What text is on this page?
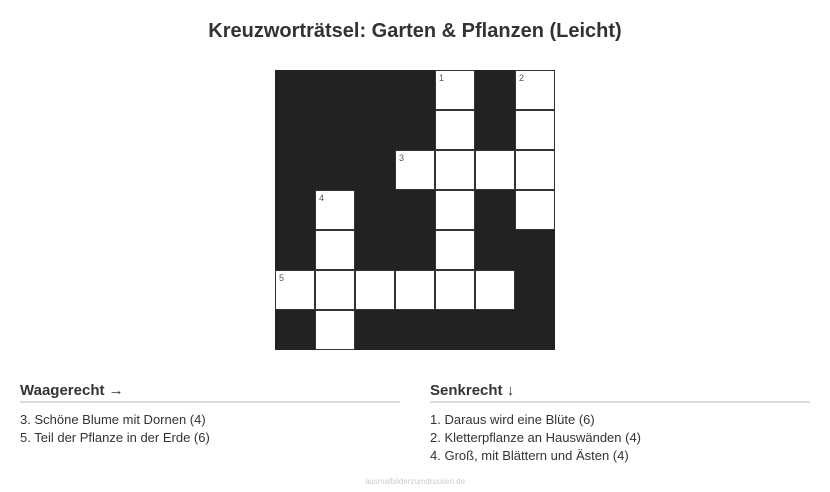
Kreuzworträtsel: Garten & Pflanzen (Leicht)
1	2
3
4
5
Waagerecht →
3. Schöne Blume mit Dornen (4)
5. Teil der Pflanze in der Erde (6)
Senkrecht ↓
1. Daraus wird eine Blüte (6)
2. Kletterpflanze an Hauswänden (4)
4. Groß, mit Blättern und Ästen (4)
ausmalbilderzumdrucken.de
